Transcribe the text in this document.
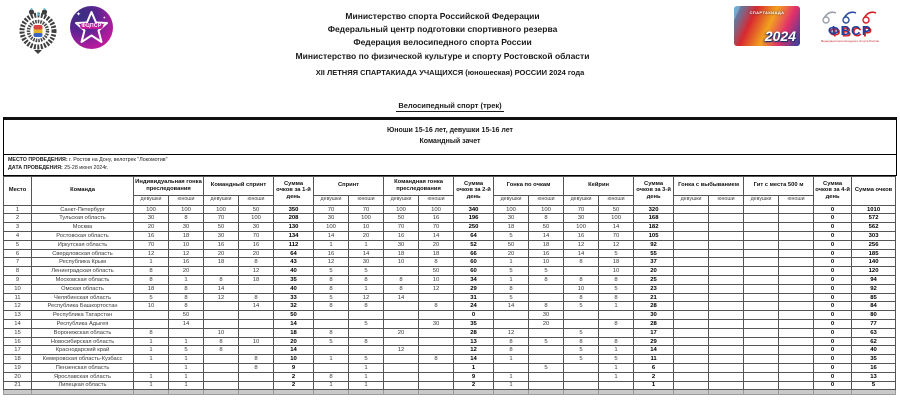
✦	✦
ФЦПСР
Министерство спорта Российской Федерации
Федеральный центр подготовки спортивного резерва
Федерация велосипедного спорта России
Министерство по физической культуре и спорту Ростовской области
СПАРТАКИАДА
2024 ФВСР
Федерация велосипедного спорта России
XII ЛЕТНЯЯ СПАРТАКИАДА УЧАЩИХСЯ (юношеская) РОССИИ 2024 года

Велосипедный спорт (трек)
Юноши 15-16 лет, девушки 15-16 лет
Командный зачет
МЕСТО ПРОВЕДЕНИЯ: г. Ростов на Дону, велотрек "Локомотив"
ДАТА ПРОВЕДЕНИЯ: 25-28 июня 2024г.
Место	Команда	Индивидуальная гонка преследования		Командный спринт		Сумма очков за 1-й день	Спринт		Командная гонка преследования		Сумма очков за 2-й день	Гонка по очкам		Кейрин		Сумма очков за 3-й день	Гонка с выбыванием		Гит с места 500 м		Сумма очков за 4-й день	Сумма очков
		девушки	юноши	девушки	юноши		девушки	юноши	девушки	юноши		девушки	юноши	девушки	юноши		девушки	юноши	девушки	юноши		
1	Санкт-Петербург	100	100	100	50	350	70	70	100	100	340	100	100	70	50	320					0	1010
2	Тульская область	30	8	70	100	208	30	100	50	16	196	30	8	30	100	168					0	572
3	Москва	20	30	50	30	130	100	10	70	70	250	18	50	100	14	182					0	562
4	Ростовская область	16	18	30	70	134	14	20	16	14	64	5	14	16	70	105					0	303
5	Иркутская область	70	10	16	16	112	1	1	30	20	52	50	18	12	12	92					0	256
6	Свердловская область	12	12	20	20	64	16	14	18	18	66	20	16	14	5	55					0	185
7	Республика Крым	1	16	18	8	43	12	30	10	8	60	1	10	8	18	37					0	140
8	Ленинградская область	8	20		12	40	5	5		50	60	5	5		10	20					0	120
9	Московская область	8	1	8	18	35	8	8	8	10	34	1	8	8	8	25					0	94
10	Омская область	18	8	14		40	8	1	8	12	29	8		10	5	23					0	92
11	Челябинская область	5	8	12	8	33	5	12	14		31	5		8	8	21					0	85
12	Республика Башкортостан	10	8		14	32	8	8		8	24	14	8	5	1	28					0	84
13	Республика Татарстан		50			50					0		30			30					0	80
14	Республика Адыгея		14			14		5		30	35		20		8	28					0	77
15	Воронежская область	8		10		18	8		20		28	12		5		17					0	63
16	Новосибирская область	1	1	8	10	20	5	8			13	8	5	8	8	29					0	62
17	Краснодарский край	1	5	8		14			12		12	8		5	1	14					0	40
18	Кемеровская область-Кузбасс	1	1		8	10	1	5		8	14	1		5	5	11					0	35
19	Пензенская область		1		8	9		1			1		5		1	6					0	16
20	Ярославская область	1	1			2	8	1			9	1			1	2					0	13
21	Липецкая область	1	1			2	1	1			2	1				1					0	5
